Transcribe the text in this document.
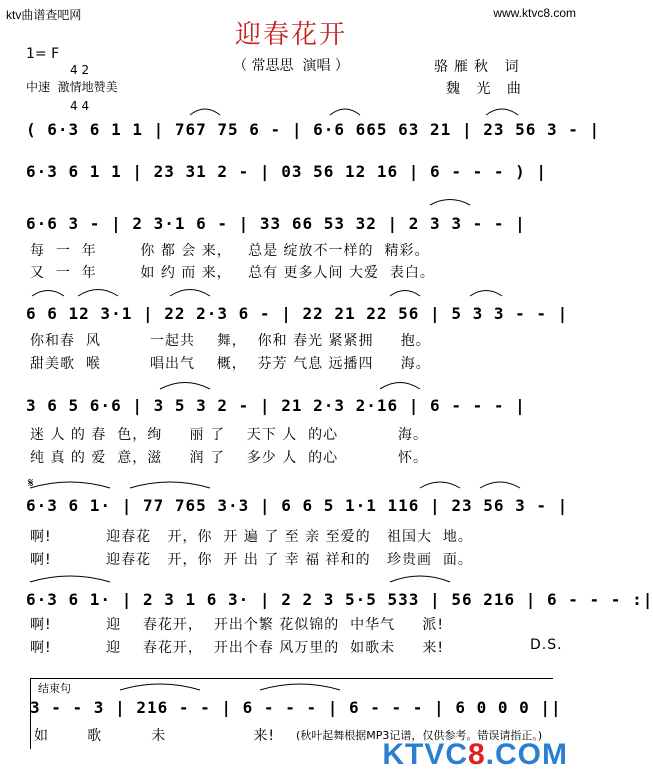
ktv曲谱查吧网	www.ktvc8.com
迎春花开
（ 常思思  演唱 ）
1= F

4 2

4 4

中速  激情地赞美
骆雁秋 词
魏 光 曲
( 6·3 6 1 1 | 767 75 6 - | 6·6 665 63 21 | 23 56 3 - |
6·3 6 1 1 | 23 31 2 - | 03 56 12 16 | 6 - - - ) |
6·6 3 - | 2 3·1 6 - | 33 66 53 32 | 2 3 3 - - |
每  一  年        你 都 会 来，   总是 绽放不一样的  精彩。
又  一  年        如 约 而 来，   总有 更多人间 大爱  表白。
6 6 12 3·1 | 22 2·3 6 - | 22 21 22 56 | 5 3 3 - - |
你和春  风         一起共    舞，  你和 春光 紧紧拥     抱。
甜美歌  喉         唱出气    概，  芬芳 气息 远播四     海。
3 6 5 6·6 | 3 5 3 2 - | 21 2·3 2·16 | 6 - - - |
迷 人 的 春  色，绚     丽 了    天下 人  的心           海。
纯 真 的 爱  意，滋     润 了    多少 人  的心           怀。
𝄋
6·3 6 1· | 77 765 3·3 | 6 6 5 1·1 116 | 23 56 3 - |
啊!          迎春花   开，你  开 遍 了 至 亲 至爱的   祖国大  地。
啊!          迎春花   开，你  开 出 了 幸 福 祥和的   珍贵画  面。
6·3 6 1· | 2 3 1 6 3· | 2 2 3 5·5 533 | 56 216 | 6 - - - :|
啊!          迎    春花开，  开出个繁 花似锦的  中华气     派!
啊!          迎    春花开，  开出个春 风万里的  如歌未     来!	D.S.
结束句
3 - - 3 | 216 - - | 6 - - - | 6 - - - | 6 0 0 0 ||
如       歌         未                来! (秋叶起舞根据MP3记谱，仅供参考。错误请指正。)
KTVC8.COM
